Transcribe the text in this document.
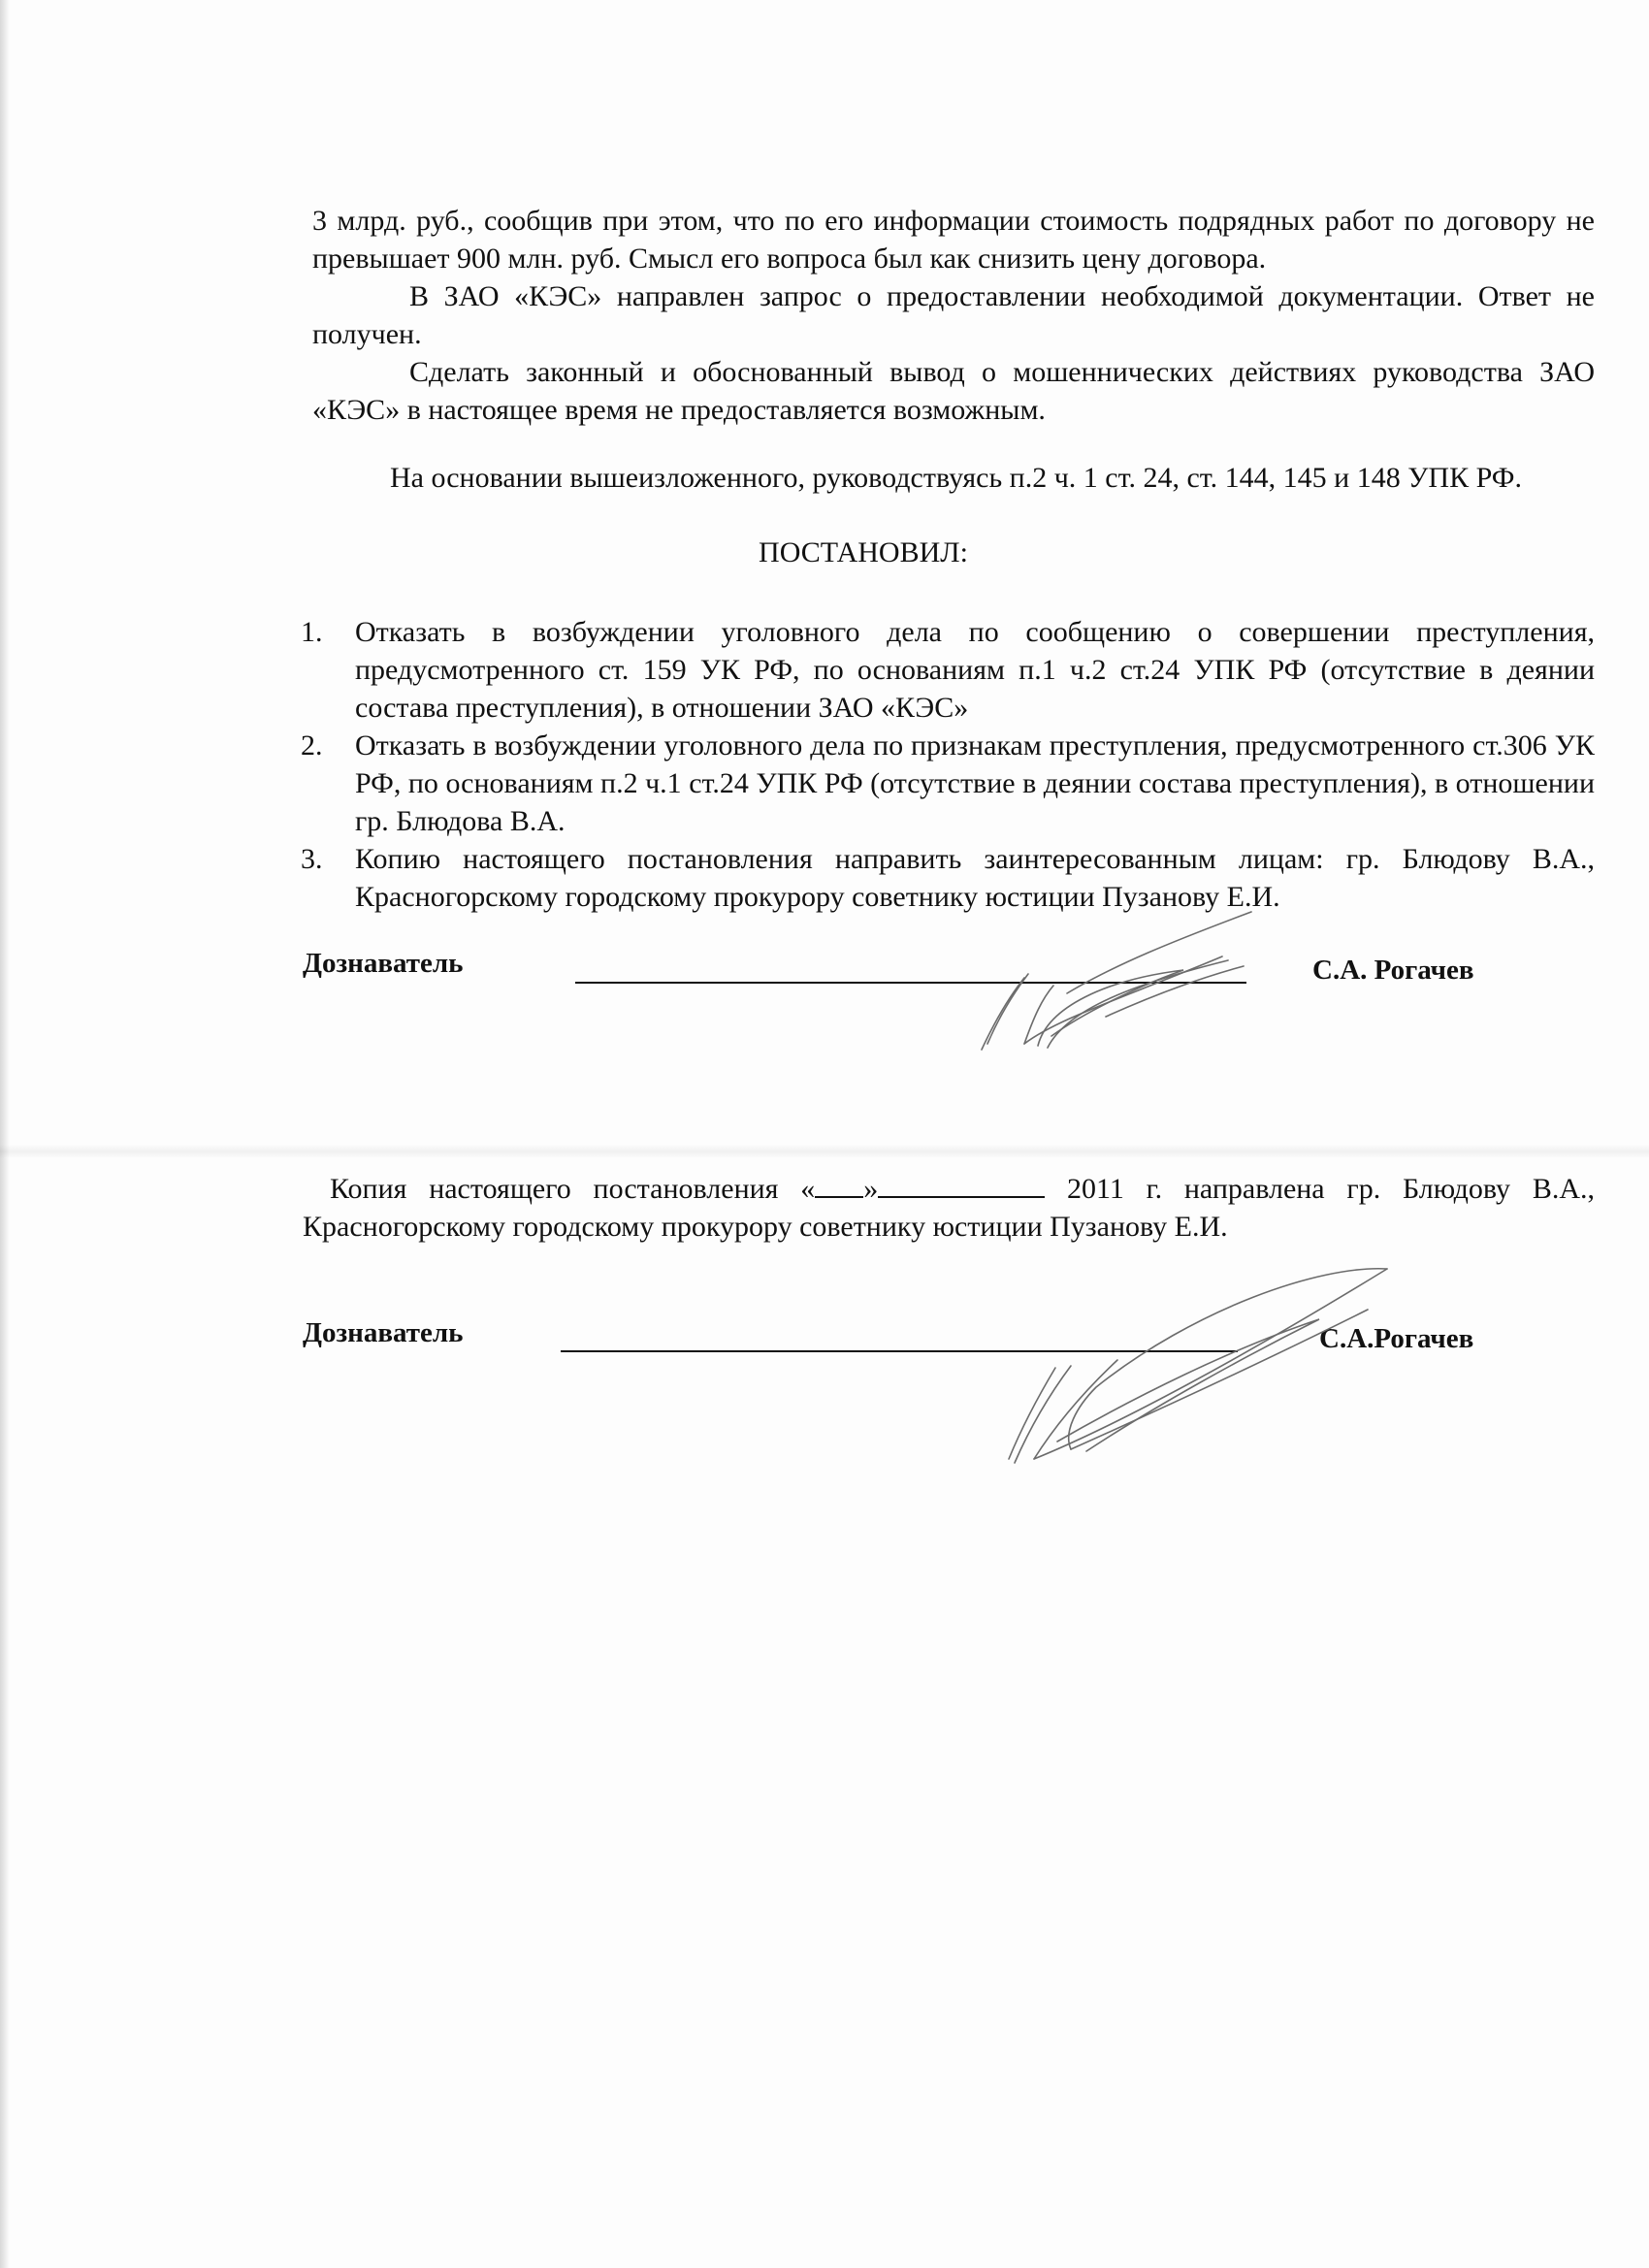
3 млрд. руб., сообщив при этом, что по его информации стоимость подрядных работ по договору не превышает 900 млн. руб. Смысл его вопроса был как снизить цену договора.

В ЗАО «КЭС» направлен запрос о предоставлении необходимой документации. Ответ не получен.

Сделать законный и обоснованный вывод о мошеннических действиях руководства ЗАО «КЭС» в настоящее время не предоставляется возможным.

На основании вышеизложенного, руководствуясь п.2 ч. 1 ст. 24, ст. 144, 145 и 148 УПК РФ.

ПОСТАНОВИЛ:

1.	Отказать в возбуждении уголовного дела по сообщению о совершении преступления, предусмотренного ст. 159 УК РФ, по основаниям п.1 ч.2 ст.24 УПК РФ (отсутствие в деянии состава преступления), в отношении ЗАО «КЭС»
2.	Отказать в возбуждении уголовного дела по признакам преступления, предусмотренного ст.306 УК РФ, по основаниям п.2 ч.1 ст.24 УПК РФ (отсутствие в деянии состава преступления), в отношении гр. Блюдова В.А.
3.	Копию настоящего постановления направить заинтересованным лицам: гр. Блюдову В.А., Красногорскому городскому прокурору советнику юстиции Пузанову Е.И.
Дознаватель	С.А. Рогачев

Копия настоящего постановления « »	2011 г. направлена гр. Блюдову В.А., Красногорскому городскому прокурору советнику юстиции Пузанову Е.И.

Дознаватель	С.А.Рогачев
